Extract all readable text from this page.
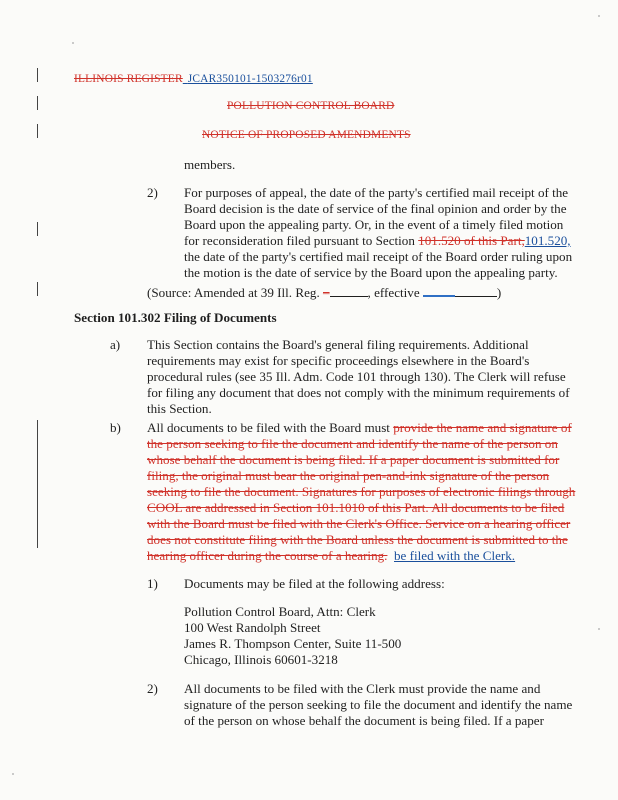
ILLINOIS REGISTER   JCAR350101-1503276r01
POLLUTION CONTROL BOARD
NOTICE OF PROPOSED AMENDMENTS
members.
2) For purposes of appeal, the date of the party's certified mail receipt of the
Board decision is the date of service of the final opinion and order by the
Board upon the appealing party. Or, in the event of a timely filed motion
for reconsideration filed pursuant to Section 101.520 of this Part,101.520,
the date of the party's certified mail receipt of the Board order ruling upon
the motion is the date of service by the Board upon the appealing party.
(Source: Amended at 39 Ill. Reg. –	, effective	)
Section 101.302 Filing of Documents
a) This Section contains the Board's general filing requirements. Additional
requirements may exist for specific proceedings elsewhere in the Board's
procedural rules (see 35 Ill. Adm. Code 101 through 130). The Clerk will refuse
for filing any document that does not comply with the minimum requirements of
this Section.
b) All documents to be filed with the Board must provide the name and signature of
the person seeking to file the document and identify the name of the person on
whose behalf the document is being filed. If a paper document is submitted for
filing, the original must bear the original pen-and-ink signature of the person
seeking to file the document. Signatures for purposes of electronic filings through
COOL are addressed in Section 101.1010 of this Part. All documents to be filed
with the Board must be filed with the Clerk's Office. Service on a hearing officer
does not constitute filing with the Board unless the document is submitted to the
hearing officer during the course of a hearing. be filed with the Clerk.
1) Documents may be filed at the following address:
Pollution Control Board, Attn: Clerk
100 West Randolph Street
James R. Thompson Center, Suite 11-500
Chicago, Illinois 60601-3218
2) All documents to be filed with the Clerk must provide the name and
signature of the person seeking to file the document and identify the name
of the person on whose behalf the document is being filed. If a paper
